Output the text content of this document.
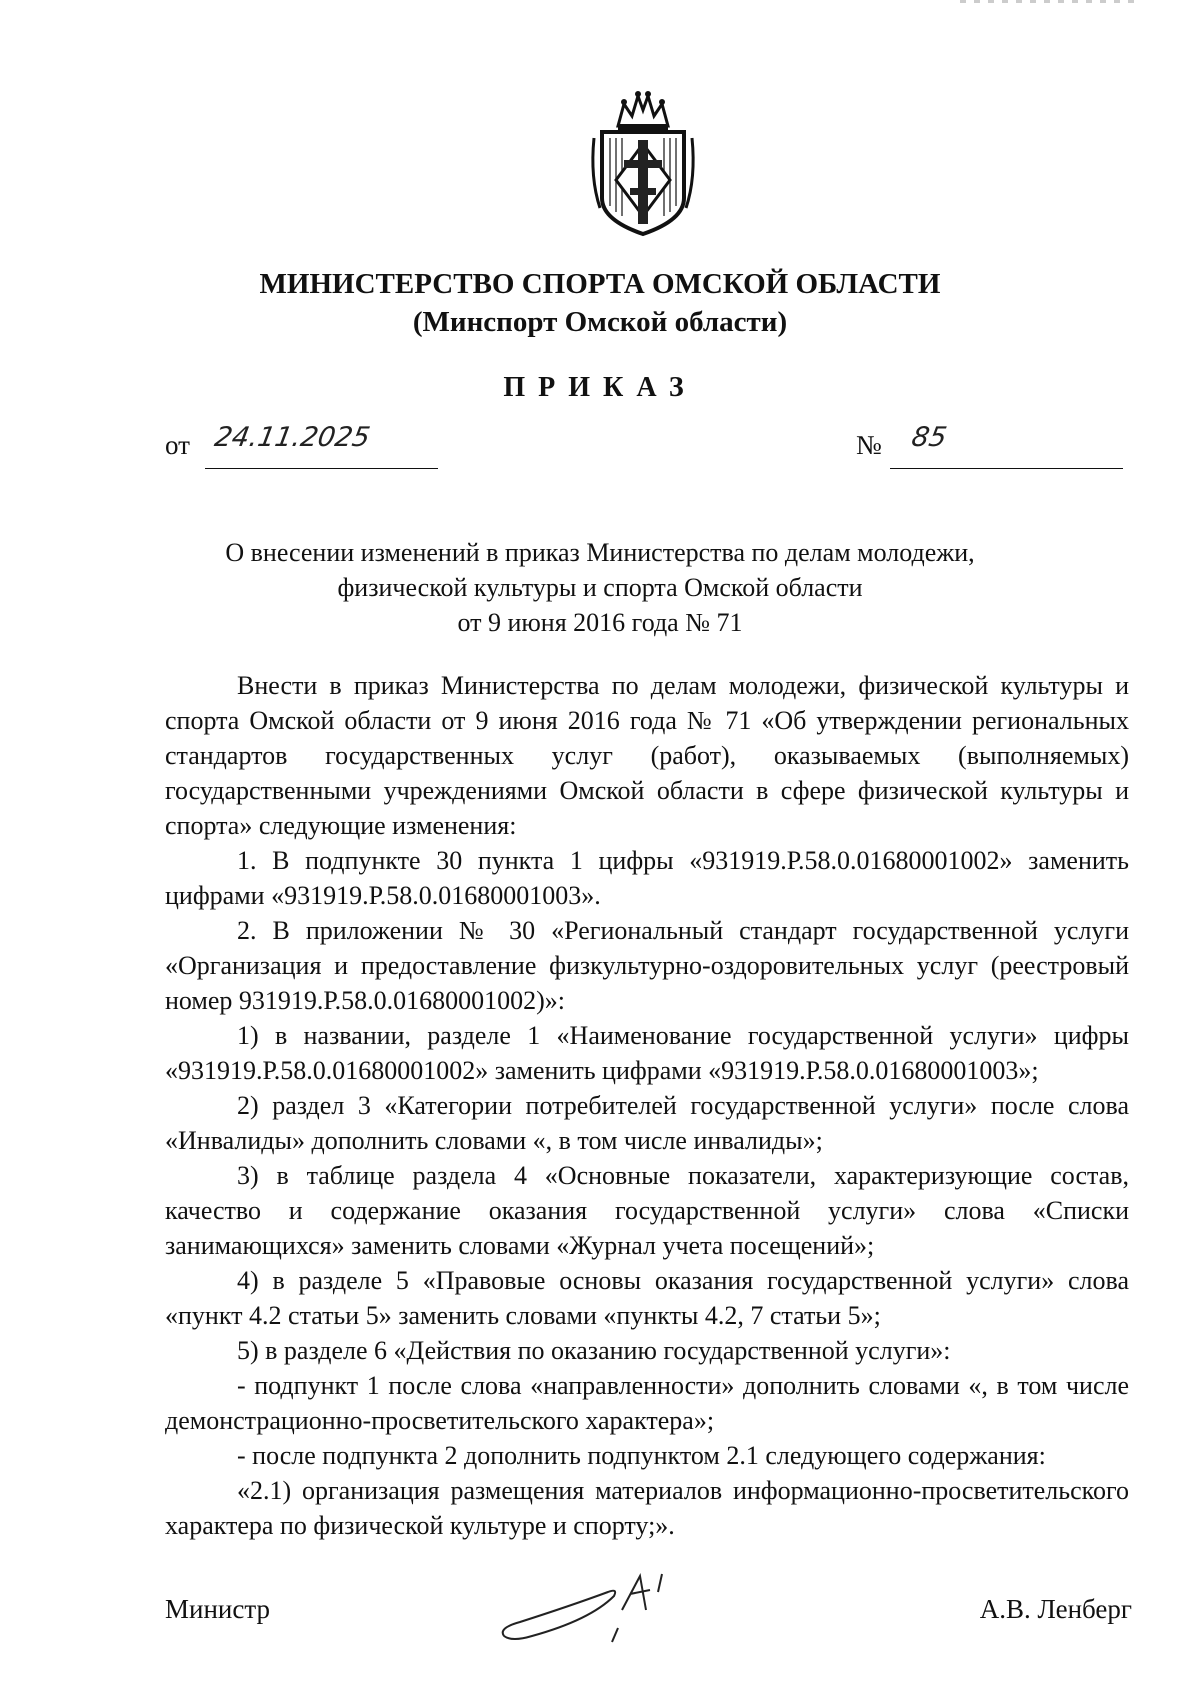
МИНИСТЕРСТВО СПОРТА ОМСКОЙ ОБЛАСТИ
(Минспорт Омской области)
ПРИКАЗ
от 24.11.2025	№ 85
О внесении изменений в приказ Министерства по делам молодежи,
физической культуры и спорта Омской области
от 9 июня 2016 года № 71

Внести в приказ Министерства по делам молодежи, физической культуры и спорта Омской области от 9 июня 2016 года № 71 «Об утверждении региональных стандартов государственных услуг (работ), оказываемых (выполняемых) государственными учреждениями Омской области в сфере физической культуры и спорта» следующие изменения:

1. В подпункте 30 пункта 1 цифры «931919.Р.58.0.01680001002» заменить цифрами «931919.Р.58.0.01680001003».

2. В приложении № 30 «Региональный стандарт государственной услуги «Организация и предоставление физкультурно-оздоровительных услуг (реестровый номер 931919.Р.58.0.01680001002)»:

1) в названии, разделе 1 «Наименование государственной услуги» цифры «931919.Р.58.0.01680001002» заменить цифрами «931919.Р.58.0.01680001003»;

2) раздел 3 «Категории потребителей государственной услуги» после слова «Инвалиды» дополнить словами «, в том числе инвалиды»;

3) в таблице раздела 4 «Основные показатели, характеризующие состав, качество и содержание оказания государственной услуги» слова «Списки занимающихся» заменить словами «Журнал учета посещений»;

4) в разделе 5 «Правовые основы оказания государственной услуги» слова «пункт 4.2 статьи 5» заменить словами «пункты 4.2, 7 статьи 5»;

5) в разделе 6 «Действия по оказанию государственной услуги»:

- подпункт 1 после слова «направленности» дополнить словами «, в том числе демонстрационно-просветительского характера»;

- после подпункта 2 дополнить подпунктом 2.1 следующего содержания:

«2.1) организация размещения материалов информационно-просветительского характера по физической культуре и спорту;».

Министр	А.В. Ленберг
